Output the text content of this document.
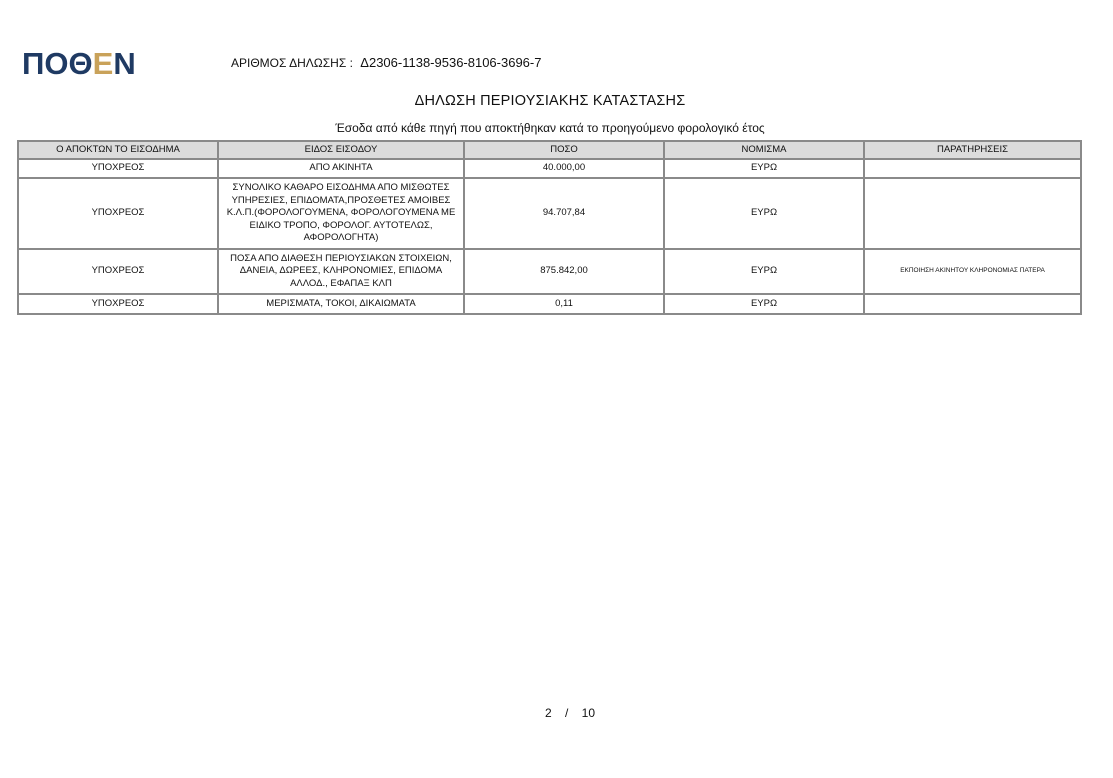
ΠΟΘΕΝ	ΑΡΙΘΜΟΣ ΔΗΛΩΣΗΣ : Δ2306-1138-9536-8106-3696-7
ΔΗΛΩΣΗ ΠΕΡΙΟΥΣΙΑΚΗΣ ΚΑΤΑΣΤΑΣΗΣ
Έσοδα από κάθε πηγή που αποκτήθηκαν κατά το προηγούμενο φορολογικό έτος
Ο ΑΠΟΚΤΩΝ ΤΟ ΕΙΣΟΔΗΜΑ	ΕΙΔΟΣ ΕΙΣΟΔΟΥ	ΠΟΣΟ	ΝΟΜΙΣΜΑ	ΠΑΡΑΤΗΡΗΣΕΙΣ
ΥΠΟΧΡΕΟΣ	ΑΠΟ ΑΚΙΝΗΤΑ	40.000,00	ΕΥΡΩ	
ΥΠΟΧΡΕΟΣ	ΣΥΝΟΛΙΚΟ ΚΑΘΑΡΟ ΕΙΣΟΔΗΜΑ ΑΠΟ ΜΙΣΘΩΤΕΣ ΥΠΗΡΕΣΙΕΣ, ΕΠΙΔΟΜΑΤΑ,ΠΡΟΣΘΕΤΕΣ ΑΜΟΙΒΕΣ Κ.Λ.Π.(ΦΟΡΟΛΟΓΟΥΜΕΝΑ, ΦΟΡΟΛΟΓΟΥΜΕΝΑ ΜΕ ΕΙΔΙΚΟ ΤΡΟΠΟ, ΦΟΡΟΛΟΓ. ΑΥΤΟΤΕΛΩΣ, ΑΦΟΡΟΛΟΓΗΤΑ)	94.707,84	ΕΥΡΩ	
ΥΠΟΧΡΕΟΣ	ΠΟΣΑ ΑΠΟ ΔΙΑΘΕΣΗ ΠΕΡΙΟΥΣΙΑΚΩΝ ΣΤΟΙΧΕΙΩΝ, ΔΑΝΕΙΑ, ΔΩΡΕΕΣ, ΚΛΗΡΟΝΟΜΙΕΣ, ΕΠΙΔΟΜΑ ΑΛΛΟΔ., ΕΦΑΠΑΞ ΚΛΠ	875.842,00	ΕΥΡΩ	ΕΚΠΟΙΗΣΗ ΑΚΙΝΗΤΟΥ ΚΛΗΡΟΝΟΜΙΑΣ ΠΑΤΕΡΑ
ΥΠΟΧΡΕΟΣ	ΜΕΡΙΣΜΑΤΑ, ΤΟΚΟΙ, ΔΙΚΑΙΩΜΑΤΑ	0,11	ΕΥΡΩ	
2 / 10
